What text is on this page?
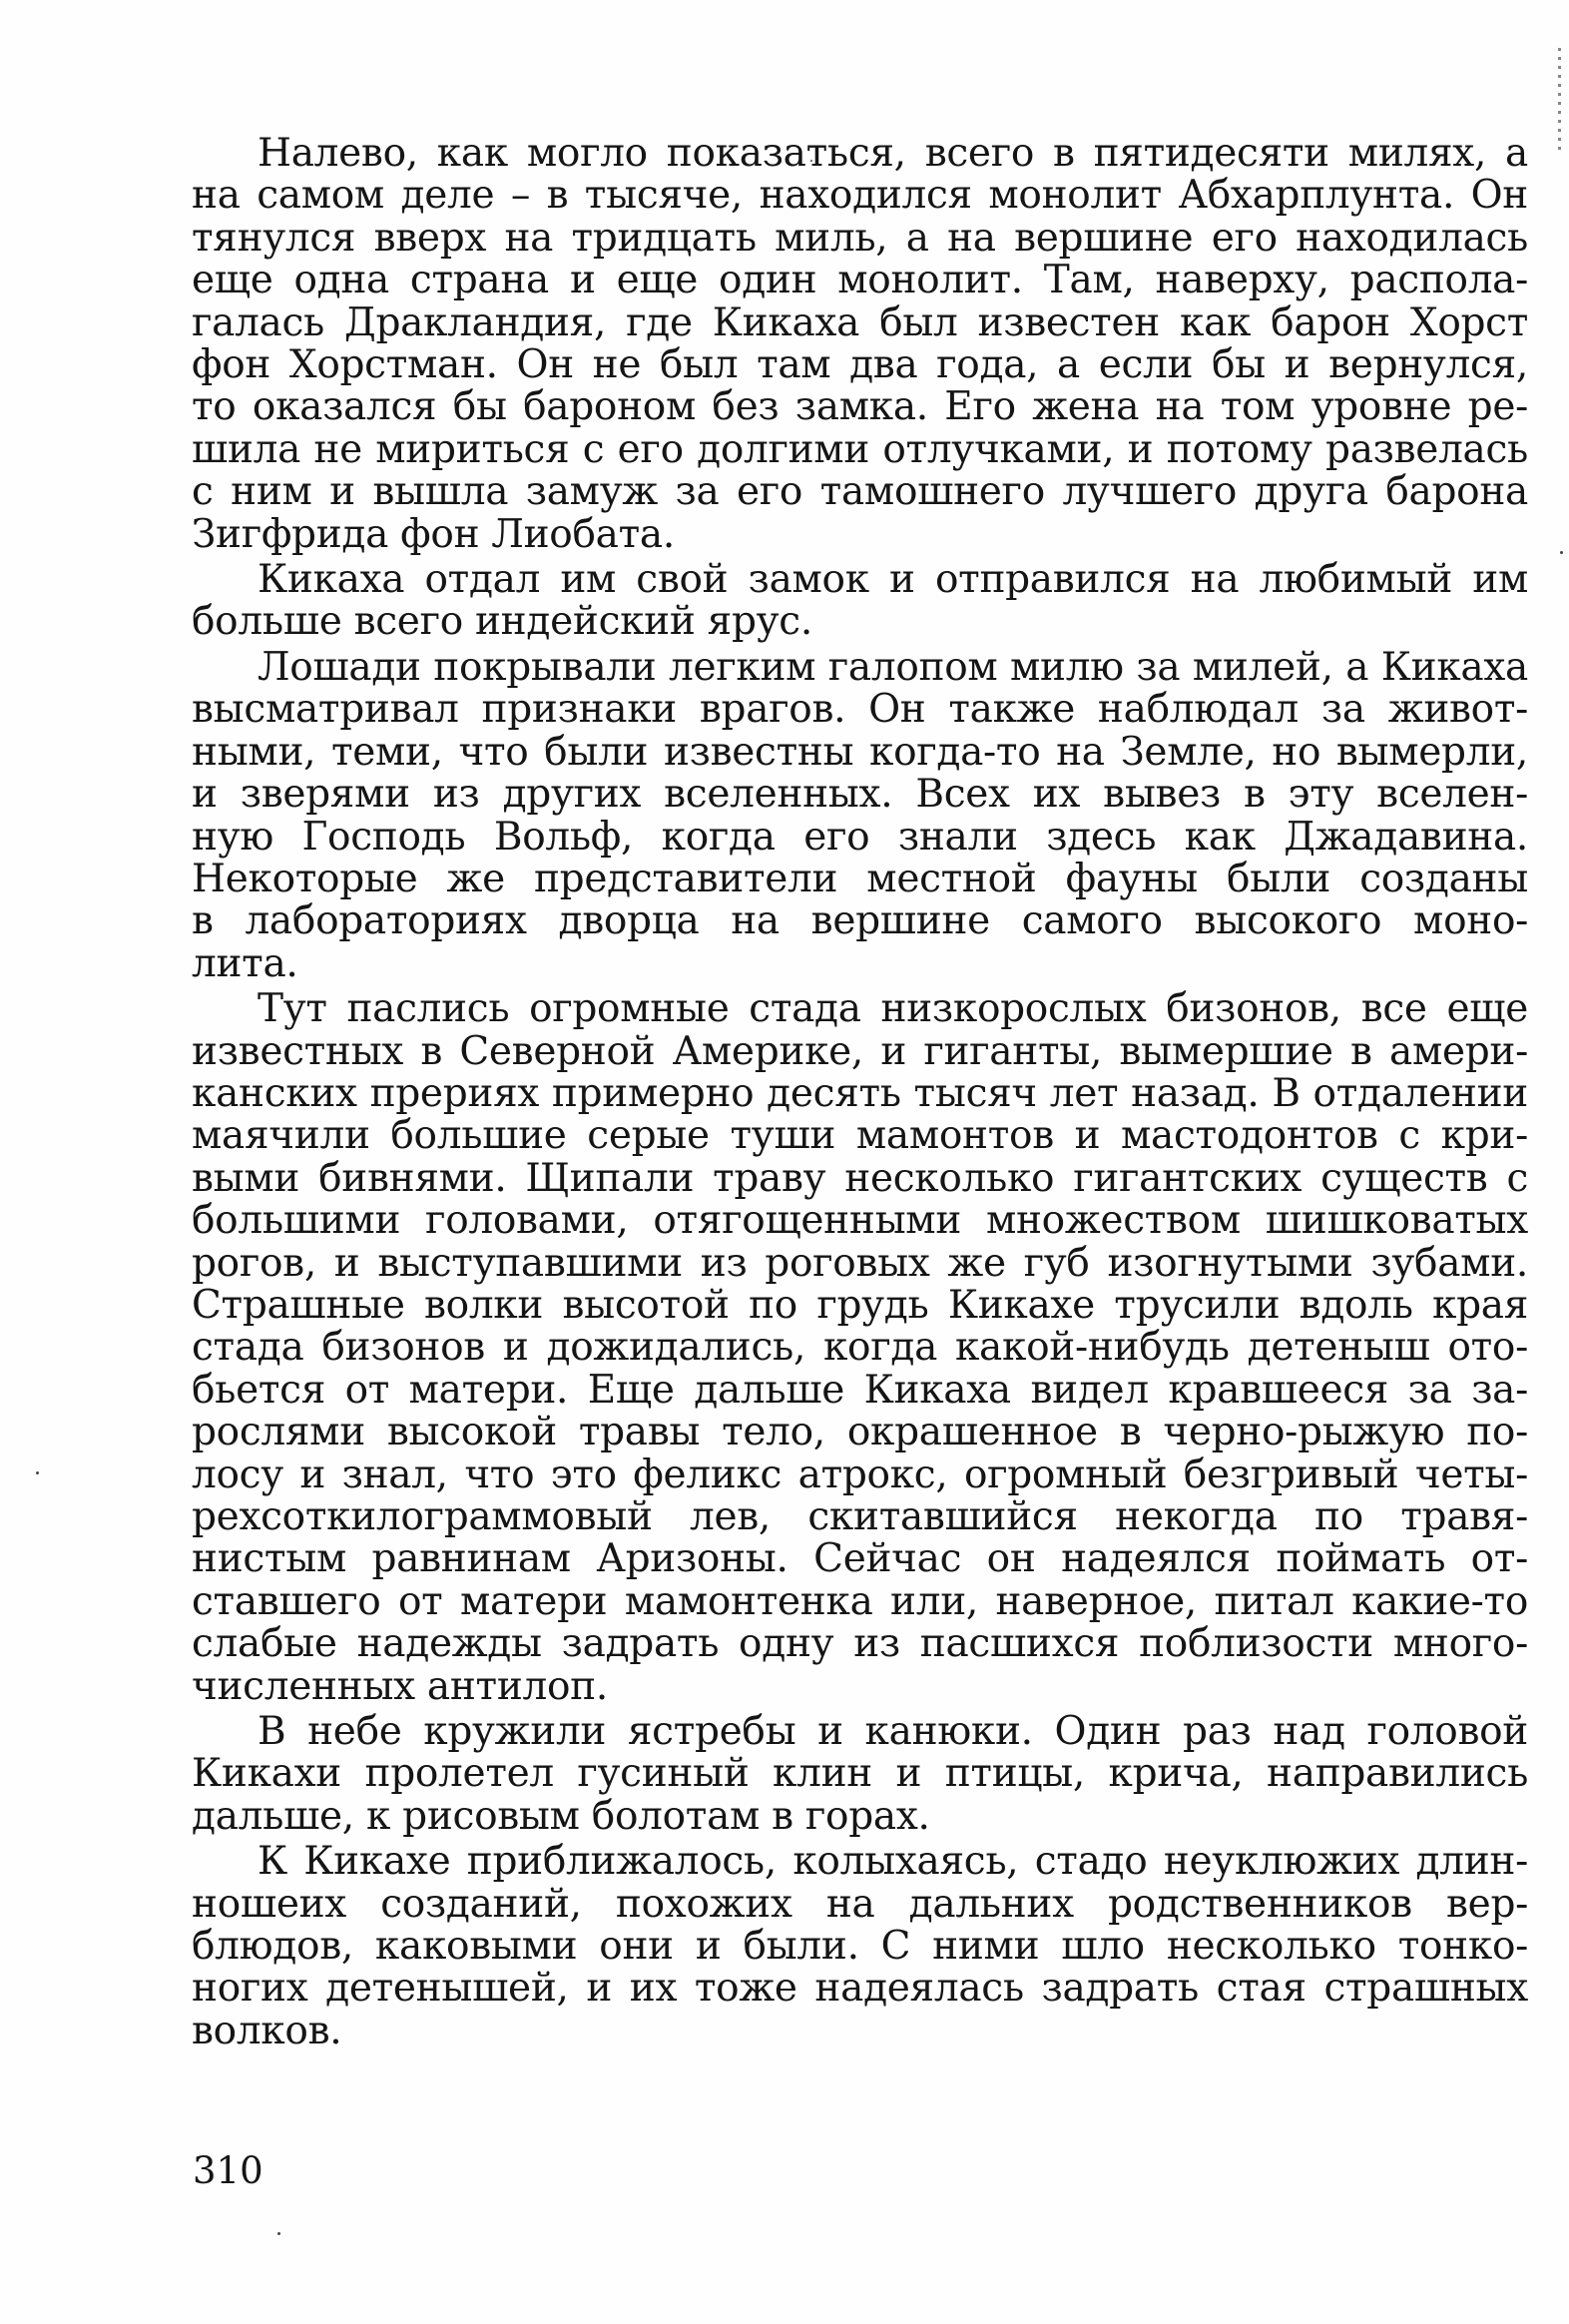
Налево, как могло показаться, всего в пятидесяти милях, а
на самом деле – в тысяче, находился монолит Абхарплунта. Он
тянулся вверх на тридцать миль, а на вершине его находилась
еще одна страна и еще один монолит. Там, наверху, распола-
галась Дракландия, где Кикаха был известен как барон Хорст
фон Хорстман. Он не был там два года, а если бы и вернулся,
то оказался бы бароном без замка. Его жена на том уровне ре-
шила не мириться с его долгими отлучками, и потому развелась
с ним и вышла замуж за его тамошнего лучшего друга барона
Зигфрида фон Лиобата.
Кикаха отдал им свой замок и отправился на любимый им
больше всего индейский ярус.
Лошади покрывали легким галопом милю за милей, а Кикаха
высматривал признаки врагов. Он также наблюдал за живот-
ными, теми, что были известны когда-то на Земле, но вымерли,
и зверями из других вселенных. Всех их вывез в эту вселен-
ную Господь Вольф, когда его знали здесь как Джадавина.
Некоторые же представители местной фауны были созданы
в лабораториях дворца на вершине самого высокого моно-
лита.
Тут паслись огромные стада низкорослых бизонов, все еще
известных в Северной Америке, и гиганты, вымершие в амери-
канских прериях примерно десять тысяч лет назад. В отдалении
маячили большие серые туши мамонтов и мастодонтов с кри-
выми бивнями. Щипали траву несколько гигантских существ с
большими головами, отягощенными множеством шишковатых
рогов, и выступавшими из роговых же губ изогнутыми зубами.
Страшные волки высотой по грудь Кикахе трусили вдоль края
стада бизонов и дожидались, когда какой-нибудь детеныш ото-
бьется от матери. Еще дальше Кикаха видел кравшееся за за-
рослями высокой травы тело, окрашенное в черно-рыжую по-
лосу и знал, что это феликс атрокс, огромный безгривый четы-
рехсоткилограммовый лев, скитавшийся некогда по травя-
нистым равнинам Аризоны. Сейчас он надеялся поймать от-
ставшего от матери мамонтенка или, наверное, питал какие-то
слабые надежды задрать одну из пасшихся поблизости много-
численных антилоп.
В небе кружили ястребы и канюки. Один раз над головой
Кикахи пролетел гусиный клин и птицы, крича, направились
дальше, к рисовым болотам в горах.
К Кикахе приближалось, колыхаясь, стадо неуклюжих длин-
ношеих созданий, похожих на дальних родственников вер-
блюдов, каковыми они и были. С ними шло несколько тонко-
ногих детенышей, и их тоже надеялась задрать стая страшных
волков.
310
